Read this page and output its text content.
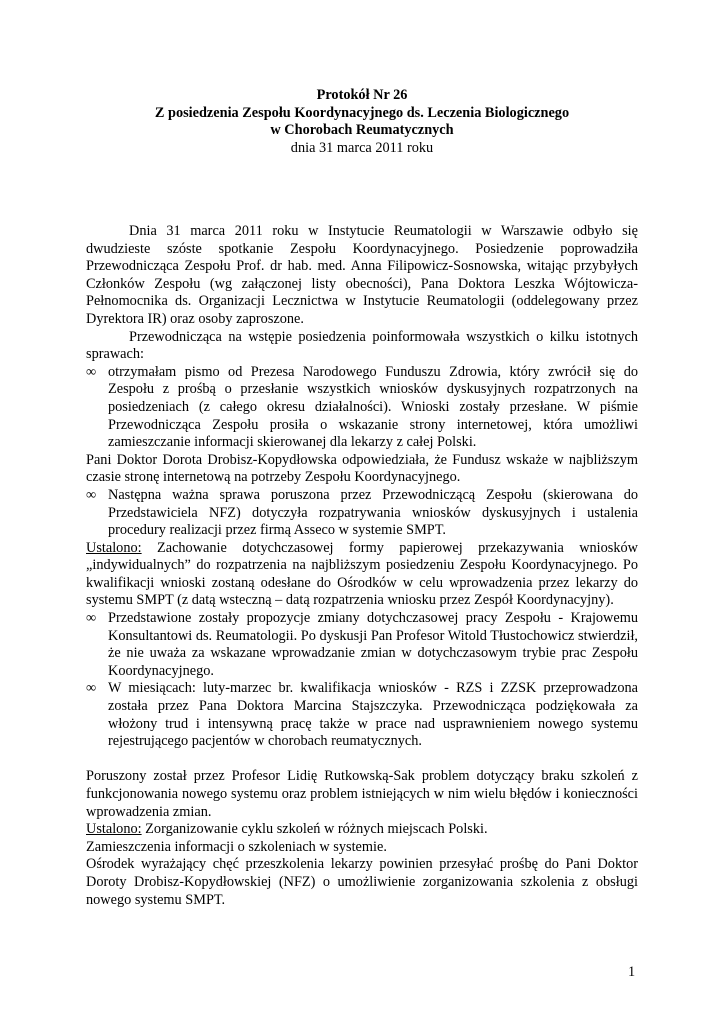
Protokół Nr 26
Z posiedzenia Zespołu Koordynacyjnego ds. Leczenia Biologicznego
w Chorobach Reumatycznych
dnia 31 marca 2011 roku

Dnia 31 marca 2011 roku w Instytucie Reumatologii w Warszawie odbyło się dwudzieste szóste spotkanie Zespołu Koordynacyjnego. Posiedzenie poprowadziła Przewodnicząca Zespołu Prof. dr hab. med. Anna Filipowicz-Sosnowska, witając przybyłych Członków Zespołu (wg załączonej listy obecności), Pana Doktora Leszka Wójtowicza-Pełnomocnika ds. Organizacji Lecznictwa w Instytucie Reumatologii (oddelegowany przez Dyrektora IR) oraz osoby zaproszone.

Przewodnicząca na wstępie posiedzenia poinformowała wszystkich o kilku istotnych sprawach:

∞ otrzymałam pismo od Prezesa Narodowego Funduszu Zdrowia, który zwrócił się do Zespołu z prośbą o przesłanie wszystkich wniosków dyskusyjnych rozpatrzonych na posiedzeniach (z całego okresu działalności). Wnioski zostały przesłane. W piśmie Przewodnicząca Zespołu prosiła o wskazanie strony internetowej, która umożliwi zamieszczanie informacji skierowanej dla lekarzy z całej Polski.

Pani Doktor Dorota Drobisz-Kopydłowska odpowiedziała, że Fundusz wskaże w najbliższym czasie stronę internetową na potrzeby Zespołu Koordynacyjnego.

∞ Następna ważna sprawa poruszona przez Przewodniczącą Zespołu (skierowana do Przedstawiciela NFZ) dotyczyła rozpatrywania wniosków dyskusyjnych i ustalenia procedury realizacji przez firmą Asseco w systemie SMPT.

Ustalono: Zachowanie dotychczasowej formy papierowej przekazywania wniosków „indywidualnych” do rozpatrzenia na najbliższym posiedzeniu Zespołu Koordynacyjnego. Po kwalifikacji wnioski zostaną odesłane do Ośrodków w celu wprowadzenia przez lekarzy do systemu SMPT (z datą wsteczną – datą rozpatrzenia wniosku przez Zespół Koordynacyjny).

∞ Przedstawione zostały propozycje zmiany dotychczasowej pracy Zespołu - Krajowemu Konsultantowi ds. Reumatologii. Po dyskusji Pan Profesor Witold Tłustochowicz stwierdził, że nie uważa za wskazane wprowadzanie zmian w dotychczasowym trybie prac Zespołu Koordynacyjnego.
∞ W miesiącach: luty-marzec br. kwalifikacja wniosków - RZS i ZZSK przeprowadzona została przez Pana Doktora Marcina Stajszczyka. Przewodnicząca podziękowała za włożony trud i intensywną pracę także w prace nad usprawnieniem nowego systemu rejestrującego pacjentów w chorobach reumatycznych.

Poruszony został przez Profesor Lidię Rutkowską-Sak problem dotyczący braku szkoleń z funkcjonowania nowego systemu oraz problem istniejących w nim wielu błędów i konieczności wprowadzenia zmian.

Ustalono: Zorganizowanie cyklu szkoleń w różnych miejscach Polski.

Zamieszczenia informacji o szkoleniach w systemie.

Ośrodek wyrażający chęć przeszkolenia lekarzy powinien przesyłać prośbę do Pani Doktor Doroty Drobisz-Kopydłowskiej (NFZ) o umożliwienie zorganizowania szkolenia z obsługi nowego systemu SMPT.

1
